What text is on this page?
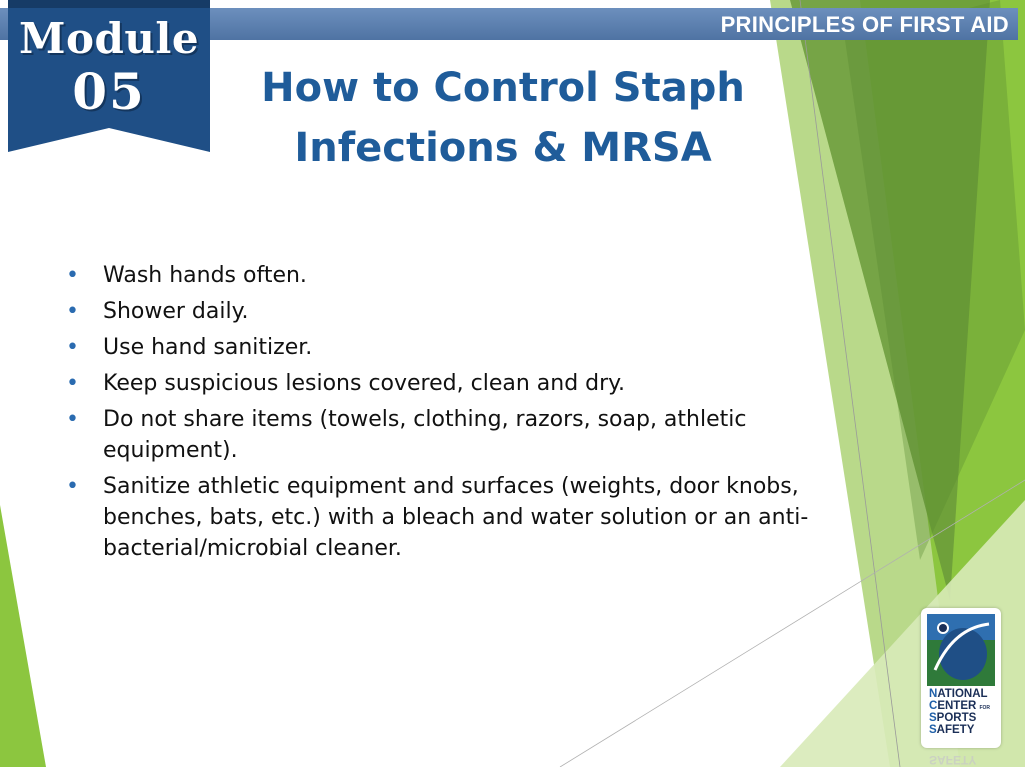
PRINCIPLES OF FIRST AID
Module
05	How to Control Staph
Infections & MRSA
• Wash hands often.
• Shower daily.
• Use hand sanitizer.
• Keep suspicious lesions covered, clean and dry.
• Do not share items (towels, clothing, razors, soap, athletic equipment).
• Sanitize athletic equipment and surfaces (weights, door knobs, benches, bats, etc.) with a bleach and water solution or an anti-bacterial/microbial cleaner.
NATIONAL
CENTER FOR
SPORTS
SAFETY
SAFETY
